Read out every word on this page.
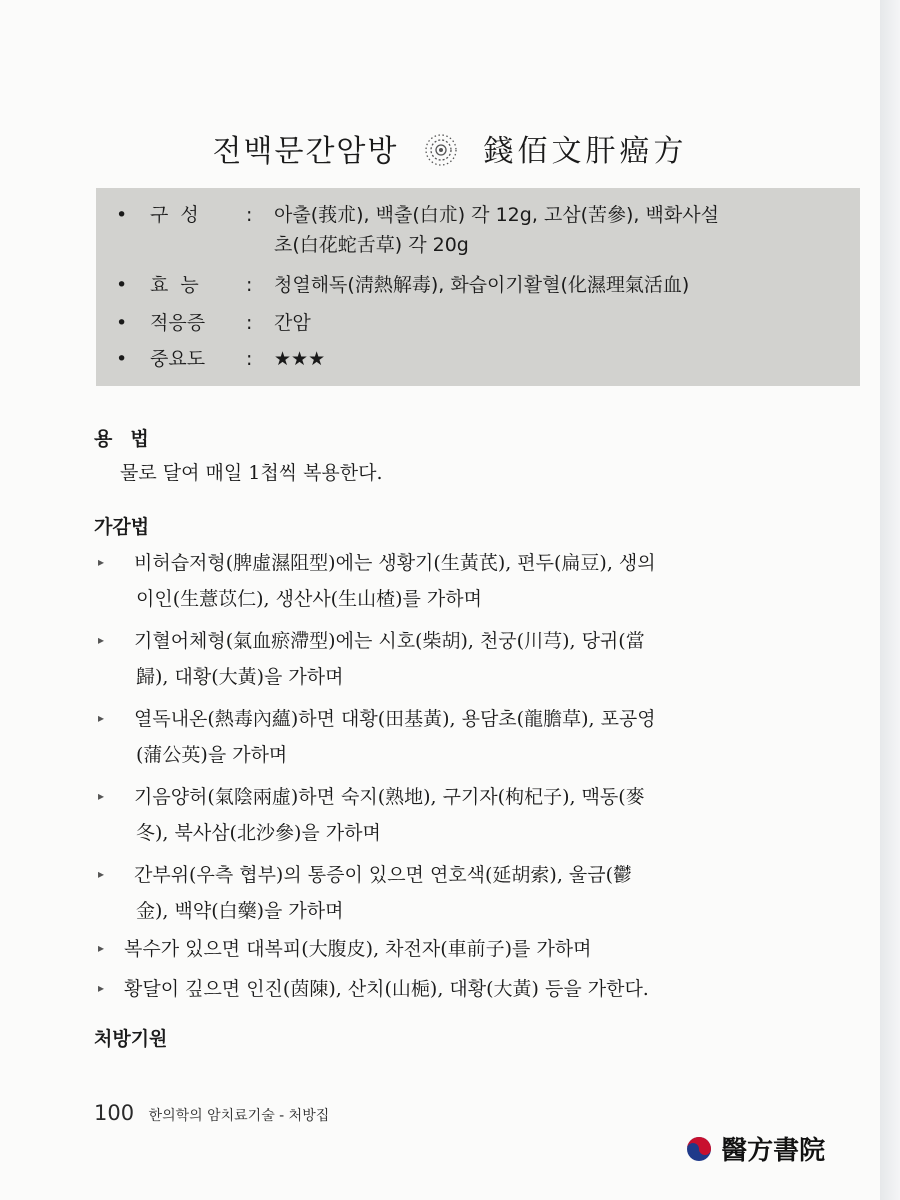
전백문간암방	錢佰文肝癌方
• 구  성	: 아출(莪朮), 백출(白朮) 각 12g, 고삼(苦參), 백화사설
초(白花蛇舌草) 각 20g
• 효  능	: 청열해독(淸熱解毒), 화습이기활혈(化濕理氣活血)
• 적응증	: 간암
• 중요도	: ★★★
용법
물로 달여 매일 1첩씩 복용한다.
가감법
▸ 비허습저형(脾虛濕阻型)에는 생황기(生黃芪), 편두(扁豆), 생의
이인(生薏苡仁), 생산사(生山楂)를 가하며
▸ 기혈어체형(氣血瘀滯型)에는 시호(柴胡), 천궁(川芎), 당귀(當
歸), 대황(大黃)을 가하며
▸ 열독내온(熱毒內蘊)하면 대황(田基黃), 용담초(龍膽草), 포공영
(蒲公英)을 가하며
▸ 기음양허(氣陰兩虛)하면 숙지(熟地), 구기자(枸杞子), 맥동(麥
冬), 북사삼(北沙參)을 가하며
▸ 간부위(우측 협부)의 통증이 있으면 연호색(延胡索), 울금(鬱
金), 백약(白藥)을 가하며
▸ 복수가 있으면 대복피(大腹皮), 차전자(車前子)를 가하며
▸ 황달이 깊으면 인진(茵陳), 산치(山梔), 대황(大黃) 등을 가한다.
처방기원
100 한의학의 암치료기술 - 처방집
醫方書院
